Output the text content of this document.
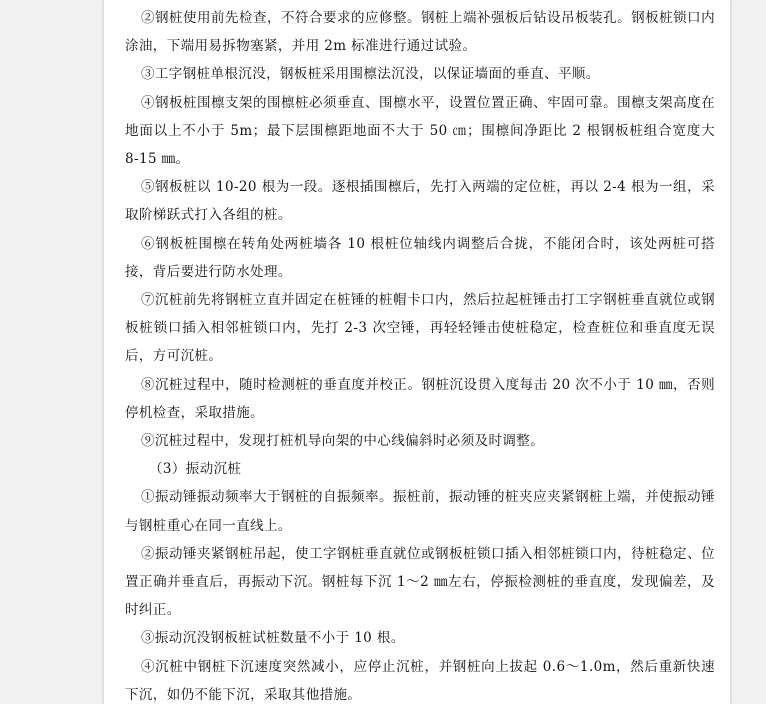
②钢桩使用前先检查，不符合要求的应修整。钢桩上端补强板后钻设吊板装孔。钢板桩锁口内涂油，下端用易拆物塞紧，并用 2m 标准进行通过试验。

③工字钢桩单根沉没，钢板桩采用围檩法沉没，以保证墙面的垂直、平顺。

④钢板桩围檩支架的围檩桩必须垂直、围檩水平，设置位置正确、牢固可靠。围檩支架高度在地面以上不小于 5m；最下层围檩距地面不大于 50 ㎝；围檩间净距比 2 根钢板桩组合宽度大 8-15 ㎜。

⑤钢板桩以 10-20 根为一段。逐根插围檩后，先打入两端的定位桩，再以 2-4 根为一组，采取阶梯跃式打入各组的桩。

⑥钢板桩围檩在转角处两桩墙各 10 根桩位轴线内调整后合拢，不能闭合时，该处两桩可搭接，背后要进行防水处理。

⑦沉桩前先将钢桩立直并固定在桩锤的桩帽卡口内，然后拉起桩锤击打工字钢桩垂直就位或钢板桩锁口插入相邻桩锁口内，先打 2-3 次空锤，再轻轻锤击使桩稳定，检查桩位和垂直度无误后，方可沉桩。

⑧沉桩过程中，随时检测桩的垂直度并校正。钢桩沉设贯入度每击 20 次不小于 10 ㎜，否则停机检查，采取措施。

⑨沉桩过程中，发现打桩机导向架的中心线偏斜时必须及时调整。

（3）振动沉桩

①振动锤振动频率大于钢桩的自振频率。振桩前，振动锤的桩夹应夹紧钢桩上端，并使振动锤与钢桩重心在同一直线上。

②振动锤夹紧钢桩吊起，使工字钢桩垂直就位或钢板桩锁口插入相邻桩锁口内，待桩稳定、位置正确并垂直后，再振动下沉。钢桩每下沉 1～2 ㎜左右，停振检测桩的垂直度，发现偏差，及时纠正。

③振动沉没钢板桩试桩数量不小于 10 根。

④沉桩中钢桩下沉速度突然减小，应停止沉桩，并钢桩向上拔起 0.6～1.0m，然后重新快速下沉，如仍不能下沉，采取其他措施。
